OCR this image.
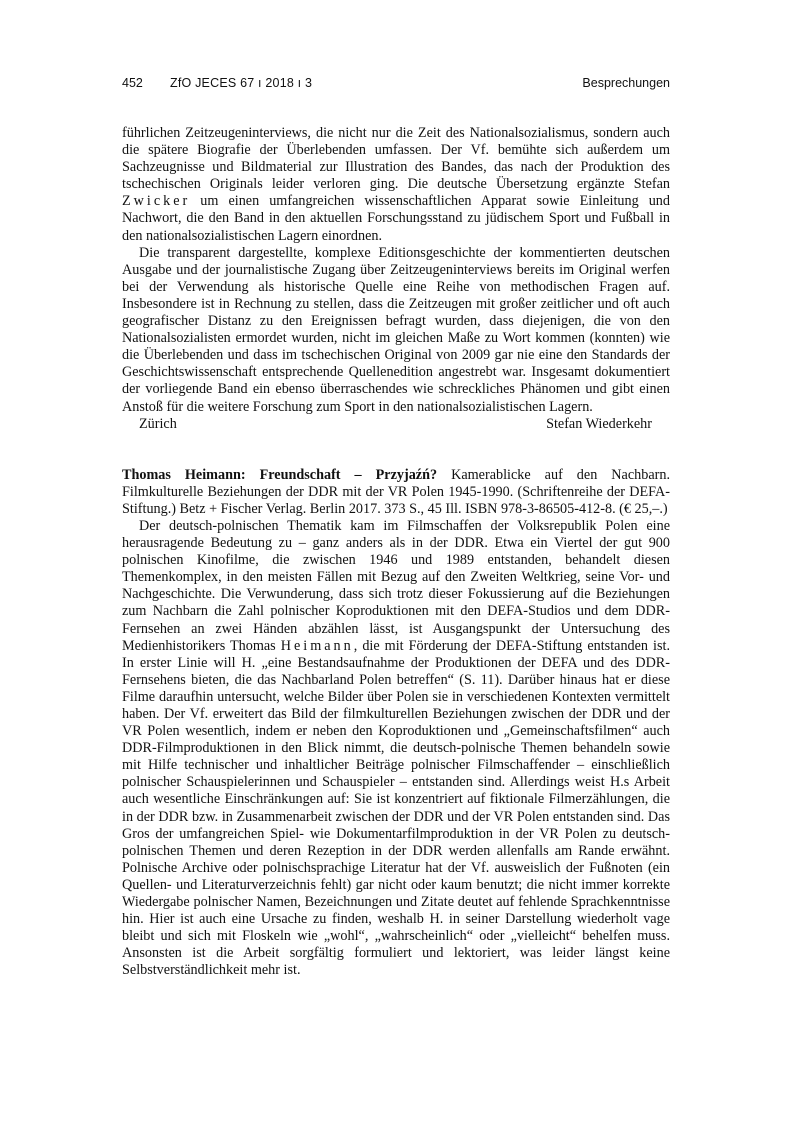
452 ZfO JECES 67 ı 2018 ı 3	Besprechungen

führlichen Zeitzeugeninterviews, die nicht nur die Zeit des Nationalsozialismus, sondern auch die spätere Biografie der Überlebenden umfassen. Der Vf. bemühte sich außerdem um Sachzeugnisse und Bildmaterial zur Illustration des Bandes, das nach der Produktion des tschechischen Originals leider verloren ging. Die deutsche Übersetzung ergänzte Stefan Zwicker um einen umfangreichen wissenschaftlichen Apparat sowie Einleitung und Nachwort, die den Band in den aktuellen Forschungsstand zu jüdischem Sport und Fußball in den nationalsozialistischen Lagern einordnen.

Die transparent dargestellte, komplexe Editionsgeschichte der kommentierten deutschen Ausgabe und der journalistische Zugang über Zeitzeugeninterviews bereits im Original werfen bei der Verwendung als historische Quelle eine Reihe von methodischen Fragen auf. Insbesondere ist in Rechnung zu stellen, dass die Zeitzeugen mit großer zeitlicher und oft auch geografischer Distanz zu den Ereignissen befragt wurden, dass diejenigen, die von den Nationalsozialisten ermordet wurden, nicht im gleichen Maße zu Wort kommen (konnten) wie die Überlebenden und dass im tschechischen Original von 2009 gar nie eine den Standards der Geschichtswissenschaft entsprechende Quellenedition angestrebt war. Insgesamt dokumentiert der vorliegende Band ein ebenso überraschendes wie schreckliches Phänomen und gibt einen Anstoß für die weitere Forschung zum Sport in den nationalsozialistischen Lagern.

Zürich	Stefan Wiederkehr

Thomas Heimann: Freundschaft – Przyjaźń? Kamerablicke auf den Nachbarn. Filmkulturelle Beziehungen der DDR mit der VR Polen 1945-1990. (Schriftenreihe der DEFA-Stiftung.) Betz + Fischer Verlag. Berlin 2017. 373 S., 45 Ill. ISBN 978-3-86505-412-8. (€ 25,–.)

Der deutsch-polnischen Thematik kam im Filmschaffen der Volksrepublik Polen eine herausragende Bedeutung zu – ganz anders als in der DDR. Etwa ein Viertel der gut 900 polnischen Kinofilme, die zwischen 1946 und 1989 entstanden, behandelt diesen Themenkomplex, in den meisten Fällen mit Bezug auf den Zweiten Weltkrieg, seine Vor- und Nachgeschichte. Die Verwunderung, dass sich trotz dieser Fokussierung auf die Beziehungen zum Nachbarn die Zahl polnischer Koproduktionen mit den DEFA-Studios und dem DDR-Fernsehen an zwei Händen abzählen lässt, ist Ausgangspunkt der Untersuchung des Medienhistorikers Thomas Heimann, die mit Förderung der DEFA-Stiftung entstanden ist. In erster Linie will H. „eine Bestandsaufnahme der Produktionen der DEFA und des DDR-Fernsehens bieten, die das Nachbarland Polen betreffen“ (S. 11). Darüber hinaus hat er diese Filme daraufhin untersucht, welche Bilder über Polen sie in verschiedenen Kontexten vermittelt haben. Der Vf. erweitert das Bild der filmkulturellen Beziehungen zwischen der DDR und der VR Polen wesentlich, indem er neben den Koproduktionen und „Gemeinschaftsfilmen“ auch DDR-Filmproduktionen in den Blick nimmt, die deutsch-polnische Themen behandeln sowie mit Hilfe technischer und inhaltlicher Beiträge polnischer Filmschaffender – einschließlich polnischer Schauspielerinnen und Schauspieler – entstanden sind. Allerdings weist H.s Arbeit auch wesentliche Einschränkungen auf: Sie ist konzentriert auf fiktionale Filmerzählungen, die in der DDR bzw. in Zusammenarbeit zwischen der DDR und der VR Polen entstanden sind. Das Gros der umfangreichen Spiel- wie Dokumentarfilmproduktion in der VR Polen zu deutsch-polnischen Themen und deren Rezeption in der DDR werden allenfalls am Rande erwähnt. Polnische Archive oder polnischsprachige Literatur hat der Vf. ausweislich der Fußnoten (ein Quellen- und Literaturverzeichnis fehlt) gar nicht oder kaum benutzt; die nicht immer korrekte Wiedergabe polnischer Namen, Bezeichnungen und Zitate deutet auf fehlende Sprachkenntnisse hin. Hier ist auch eine Ursache zu finden, weshalb H. in seiner Darstellung wiederholt vage bleibt und sich mit Floskeln wie „wohl“, „wahrscheinlich“ oder „vielleicht“ behelfen muss. Ansonsten ist die Arbeit sorgfältig formuliert und lektoriert, was leider längst keine Selbstverständlichkeit mehr ist.
